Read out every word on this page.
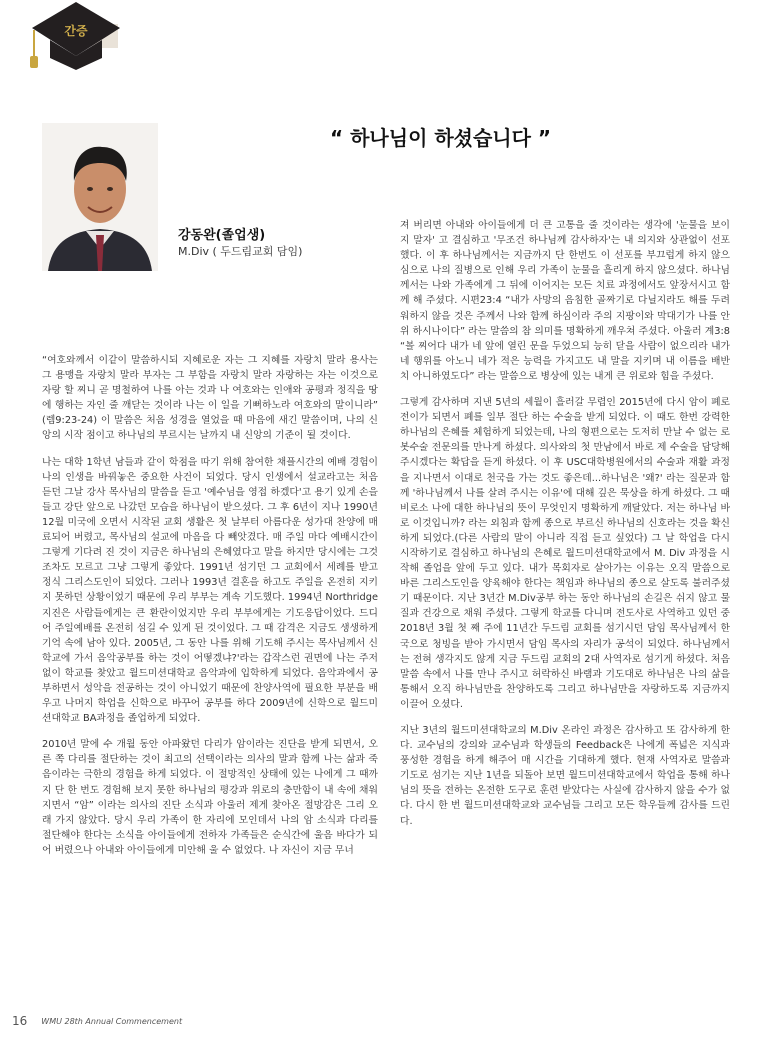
간증
“ 하나님이 하셨습니다 ”
강동완(졸업생)
M.Div ( 두드림교회 담임)

“여호와께서 이같이 말씀하시되 지혜로운 자는 그 지혜를 자랑치 말라 용사는 그 용맹을 자랑치 말라 부자는 그 부함을 자랑치 말라 자랑하는 자는 이것으로 자랑 할 찌니 곧 명철하여 나를 아는 것과 나 여호와는 인애와 공평과 정직을 땅에 행하는 자인 줄 깨닫는 것이라 나는 이 일을 기뻐하노라 여호와의 말이니라” (렘9:23-24) 이 말씀은 처음 성경을 열었을 때 마음에 새긴 말씀이며, 나의 신앙의 시작 점이고 하나님의 부르시는 날까지 내 신앙의 기준이 될 것이다.

나는 대학 1학년 남들과 같이 학점을 따기 위해 참여한 채플시간의 예배 경험이 나의 인생을 바꿔놓은 중요한 사건이 되었다. 당시 인생에서 설교라고는 처음 듣던 그날 강사 목사님의 말씀을 듣고 '예수님을 영접 하겠다'고 용기 있게 손을 들고 강단 앞으로 나갔던 모습을 하나님이 받으셨다. 그 후 6년이 지나 1990년 12월 미국에 오면서 시작된 교회 생활은 첫 날부터 아름다운 성가대 찬양에 매료되어 버렸고, 목사님의 설교에 마음을 다 빼앗겼다. 매 주일 마다 예배시간이 그렇게 기다려 진 것이 지금은 하나님의 은혜였다고 말을 하지만 당시에는 그것조차도 모르고 그냥 그렇게 좋았다. 1991년 섬기던 그 교회에서 세례를 받고 정식 그리스도인이 되었다. 그러나 1993년 결혼을 하고도 주일을 온전히 지키지 못하던 상황이었기 때문에 우리 부부는 계속 기도했다. 1994년 Northridge 지진은 사람들에게는 큰 환란이었지만 우리 부부에게는 기도응답이었다. 드디어 주일예배를 온전히 섬길 수 있게 된 것이었다. 그 때 감격은 지금도 생생하게 기억 속에 남아 있다. 2005년, 그 동안 나를 위해 기도해 주시는 목사님께서 신학교에 가서 음악공부를 하는 것이 어떻겠냐?'라는 갑작스런 권면에 나는 주저 없이 학교를 찾았고 월드미션대학교 음악과에 입학하게 되었다. 음악과에서 공부하면서 성악을 전공하는 것이 아니었기 때문에 찬양사역에 필요한 부분을 배우고 나머지 학업을 신학으로 바꾸어 공부를 하다 2009년에 신학으로 월드미션대학교 BA과정을 졸업하게 되었다.

2010년 말에 수 개월 동안 아파왔던 다리가 암이라는 진단을 받게 되면서, 오른 쪽 다리를 절단하는 것이 최고의 선택이라는 의사의 말과 함께 나는 삶과 죽음이라는 극한의 경험을 하게 되었다. 이 절망적인 상태에 있는 나에게 그 때까지 단 한 번도 경험해 보지 못한 하나님의 평강과 위로의 충만함이 내 속에 채워지면서 “암” 이라는 의사의 진단 소식과 아울러 제게 찾아온 절망감은 그리 오래 가지 않았다. 당시 우리 가족이 한 자리에 모인데서 나의 암 소식과 다리를 절단해야 한다는 소식을 아이들에게 전하자 가족들은 순식간에 울음 바다가 되어 버렸으나 아내와 아이들에게 미안해 울 수 없었다. 나 자신이 지금 무너

져 버리면 아내와 아이들에게 더 큰 고통을 줄 것이라는 생각에 '눈물을 보이지 말자' 고 결심하고 '무조건 하나님께 감사하자'는 내 의지와 상관없이 선포했다. 이 후 하나님께서는 지금까지 단 한번도 이 선포를 부끄럽게 하지 않으심으로 나의 질병으로 인해 우리 가족이 눈물을 흘리게 하지 않으셨다. 하나님께서는 나와 가족에게 그 뒤에 이어지는 모든 치료 과정에서도 앞장서시고 함께 해 주셨다. 시편23:4 “내가 사망의 음침한 골짜기로 다닐지라도 해를 두려워하지 않을 것은 주께서 나와 함께 하심이라 주의 지팡이와 막대기가 나를 안위 하시나이다” 라는 말씀의 참 의미를 명확하게 깨우쳐 주셨다. 아울러 계3:8 “볼 찌어다 내가 네 앞에 열린 문을 두었으되 능히 닫을 사람이 없으리라 내가 네 행위를 아노니 네가 적은 능력을 가지고도 내 말을 지키며 내 이름을 배반치 아니하였도다” 라는 말씀으로 병상에 있는 내게 큰 위로와 힘을 주셨다.

그렇게 감사하며 지낸 5년의 세월이 흘러갈 무렵인 2015년에 다시 암이 폐로 전이가 되면서 폐를 일부 절단 하는 수술을 받게 되었다. 이 때도 한번 강력한 하나님의 은혜를 체험하게 되었는데, 나의 형편으로는 도저히 만날 수 없는 로봇수술 전문의를 만나게 하셨다. 의사와의 첫 만남에서 바로 제 수술을 담당해 주시겠다는 확답을 듣게 하셨다. 이 후 USC대학병원에서의 수술과 재활 과정을 지나면서 이대로 천국을 가는 것도 좋은데...하나님은 '왜?' 라는 질문과 함께 '하나님께서 나를 살려 주시는 이유'에 대해 깊은 묵상을 하게 하셨다. 그 때 비로소 나에 대한 하나님의 뜻이 무엇인지 명확하게 깨달았다. 저는 하나님 바로 이것입니까? 라는 외침과 함께 종으로 부르신 하나님의 신호라는 것을 확신하게 되었다.(다른 사람의 말이 아니라 직접 듣고 싶었다) 그 날 학업을 다시 시작하기로 결심하고 하나님의 은혜로 월드미션대학교에서 M. Div 과정을 시작해 졸업을 앞에 두고 있다. 내가 목회자로 살아가는 이유는 오직 말씀으로 바른 그리스도인을 양육해야 한다는 책임과 하나님의 종으로 살도록 불러주셨기 때문이다. 지난 3년간 M.Div공부 하는 동안 하나님의 손길은 쉬지 않고 물질과 건강으로 채워 주셨다. 그렇게 학교를 다니며 전도사로 사역하고 있던 중 2018년 3월 첫 째 주에 11년간 두드림 교회를 섬기시던 담임 목사님께서 한국으로 청빙을 받아 가시면서 담임 목사의 자리가 공석이 되었다. 하나님께서는 전혀 생각지도 않게 지금 두드림 교회의 2대 사역자로 섬기게 하셨다. 처음 말씀 속에서 나를 만나 주시고 허락하신 바램과 기도대로 하나님은 나의 삶을 통해서 오직 하나님만을 찬양하도록 그리고 하나님만을 자랑하도록 지금까지 이끌어 오셨다.

지난 3년의 월드미션대학교의 M.Div 온라인 과정은 감사하고 또 감사하게 한다. 교수님의 강의와 교수님과 학생들의 Feedback은 나에게 폭넓은 지식과 풍성한 경험을 하게 해주어 매 시간을 기대하게 했다. 현재 사역자로 말씀과 기도로 섬기는 지난 1년을 되돌아 보면 월드미션대학교에서 학업을 통해 하나님의 뜻을 전하는 온전한 도구로 훈련 받았다는 사실에 감사하지 않을 수가 없다. 다시 한 번 월드미션대학교와 교수님들 그리고 모든 학우들께 감사를 드린다.

16 WMU 28th Annual Commencement
